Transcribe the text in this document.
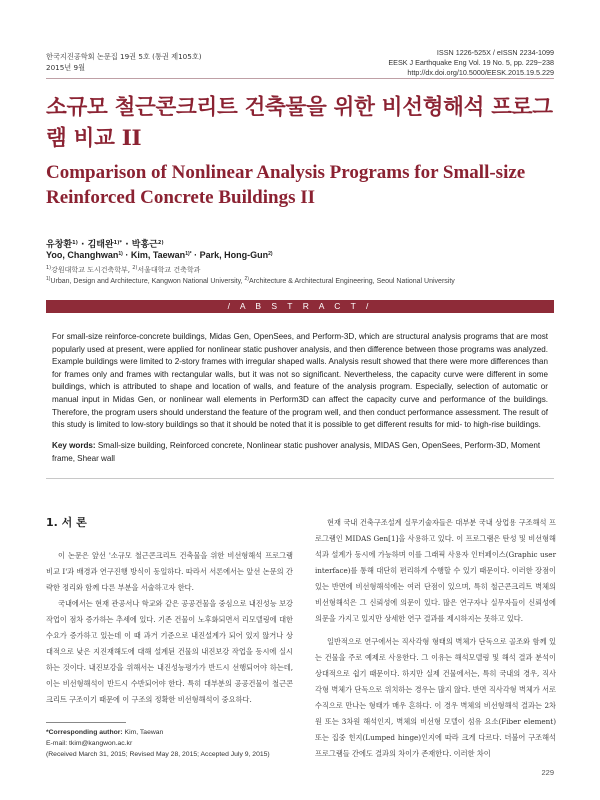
한국지진공학회 논문집 19권 5호 (통권 제105호)
2015년 9월
ISSN 1226-525X / eISSN 2234-1099
EESK J Earthquake Eng Vol. 19 No. 5, pp. 229~238
http://dx.doi.org/10.5000/EESK.2015.19.5.229
소규모 철근콘크리트 건축물을 위한 비선형해석 프로그램 비교 II
Comparison of Nonlinear Analysis Programs for Small-size Reinforced Concrete Buildings II
유창환$^{1)}$ · 김태완$^{1)*}$ · 박홍근$^{2)}$
Yoo, Changhwan$^{1)}$ · Kim, Taewan$^{1)*}$ · Park, Hong-Gun$^{2)}$
$^{1)}$강원대학교 도시건축학부, $^{2)}$서울대학교 건축학과
$^{1)}$Urban, Design and Architecture, Kangwon National University, $^{2)}$Architecture & Architectural Engineering, Seoul National University
/ A B S T R A C T /

For small-size reinforce-concrete buildings, Midas Gen, OpenSees, and Perform-3D, which are structural analysis programs that are most popularly used at present, were applied for nonlinear static pushover analysis, and then difference between those programs was analyzed. Example buildings were limited to 2-story frames with irregular shaped walls. Analysis result showed that there were more differences than for frames only and frames with rectangular walls, but it was not so significant. Nevertheless, the capacity curve were different in some buildings, which is attributed to shape and location of walls, and feature of the analysis program. Especially, selection of automatic or manual input in Midas Gen, or nonlinear wall elements in Perform3D can affect the capacity curve and performance of the buildings. Therefore, the program users should understand the feature of the program well, and then conduct performance assessment. The result of this study is limited to low-story buildings so that it should be noted that it is possible to get different results for mid- to high-rise buildings.

Key words: Small-size building, Reinforced concrete, Nonlinear static pushover analysis, MIDAS Gen, OpenSees, Perform-3D, Moment frame, Shear wall

1. 서 론

이 논문은 앞선 '소규모 철근콘크리트 건축물을 위한 비선형해석 프로그램 비교 I'과 배경과 연구진행 방식이 동일하다. 따라서 서론에서는 앞선 논문의 간략한 정리와 함께 다른 부분을 서술하고자 한다.

국내에서는 현재 관공서나 학교와 같은 공공건물을 중심으로 내진성능 보강 작업이 점차 증가하는 추세에 있다. 기존 건물이 노후화되면서 리모델링에 대한 수요가 증가하고 있는데 이 때 과거 기준으로 내진설계가 되어 있지 않거나 상대적으로 낮은 지진재해도에 대해 설계된 건물의 내진보강 작업을 동시에 실시하는 것이다. 내진보강을 위해서는 내진성능평가가 반드시 선행되어야 하는데, 이는 비선형해석이 반드시 수반되어야 한다. 특히 대부분의 공공건물이 철근콘크리트 구조이기 때문에 이 구조의 정확한 비선형해석이 중요하다.

현재 국내 건축구조설계 실무기술자들은 대부분 국내 상업용 구조해석 프로그램인 MIDAS Gen[1]을 사용하고 있다. 이 프로그램은 탄성 및 비선형해석과 설계가 동시에 가능하며 이를 그래픽 사용자 인터페이스(Graphic user interface)를 통해 대단히 편리하게 수행할 수 있기 때문이다. 이러한 장점이 있는 반면에 비선형해석에는 여러 단점이 있으며, 특히 철근콘크리트 벽체의 비선형해석은 그 신뢰성에 의문이 있다. 많은 연구자나 실무자들이 신뢰성에 의문을 가지고 있지만 상세한 연구 결과를 제시하지는 못하고 있다.

일반적으로 연구에서는 직사각형 형태의 벽체가 단독으로 골조와 함께 있는 건물을 주로 예제로 사용한다. 그 이유는 해석모델링 및 해석 결과 분석이 상대적으로 쉽기 때문이다. 하지만 실제 건물에서는, 특히 국내의 경우, 직사각형 벽체가 단독으로 위치하는 경우는 많지 않다. 반면 직사각형 벽체가 서로 수직으로 만나는 형태가 매우 흔하다. 이 경우 벽체의 비선형해석 결과는 2차원 또는 3차원 해석인지, 벽체의 비선형 모델이 섬유 요소(Fiber element) 또는 집중 힌지(Lumped hinge)인지에 따라 크게 다르다. 더불어 구조해석 프로그램들 간에도 결과의 차이가 존재한다. 이러한 차이

*Corresponding author: Kim, Taewan
E-mail: tkim@kangwon.ac.kr
(Received March 31, 2015; Revised May 28, 2015; Accepted July 9, 2015)
229
